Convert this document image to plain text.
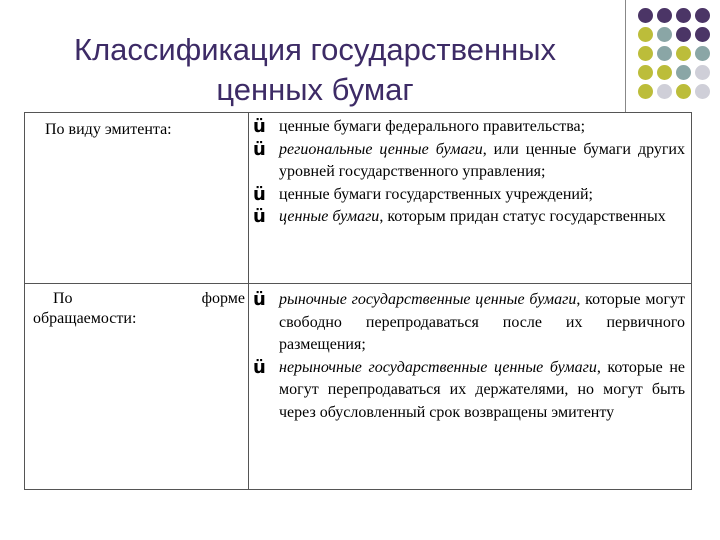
Классификация государственных
ценных бумаг
По виду эмитента:	ü ценные бумаги федерального правительства;
ü региональные ценные бумаги, или ценные бумаги других уровней государственного управления;
ü ценные бумаги государственных учреждений;
ü ценные бумаги, которым придан статус государственных
По	форме
обращаемости:
ü рыночные государственные ценные бумаги, которые могут свободно перепродаваться после их первичного размещения;
ü нерыночные государственные ценные бумаги, которые не могут перепродаваться их держателями, но могут быть через обусловленный срок возвращены эмитенту
